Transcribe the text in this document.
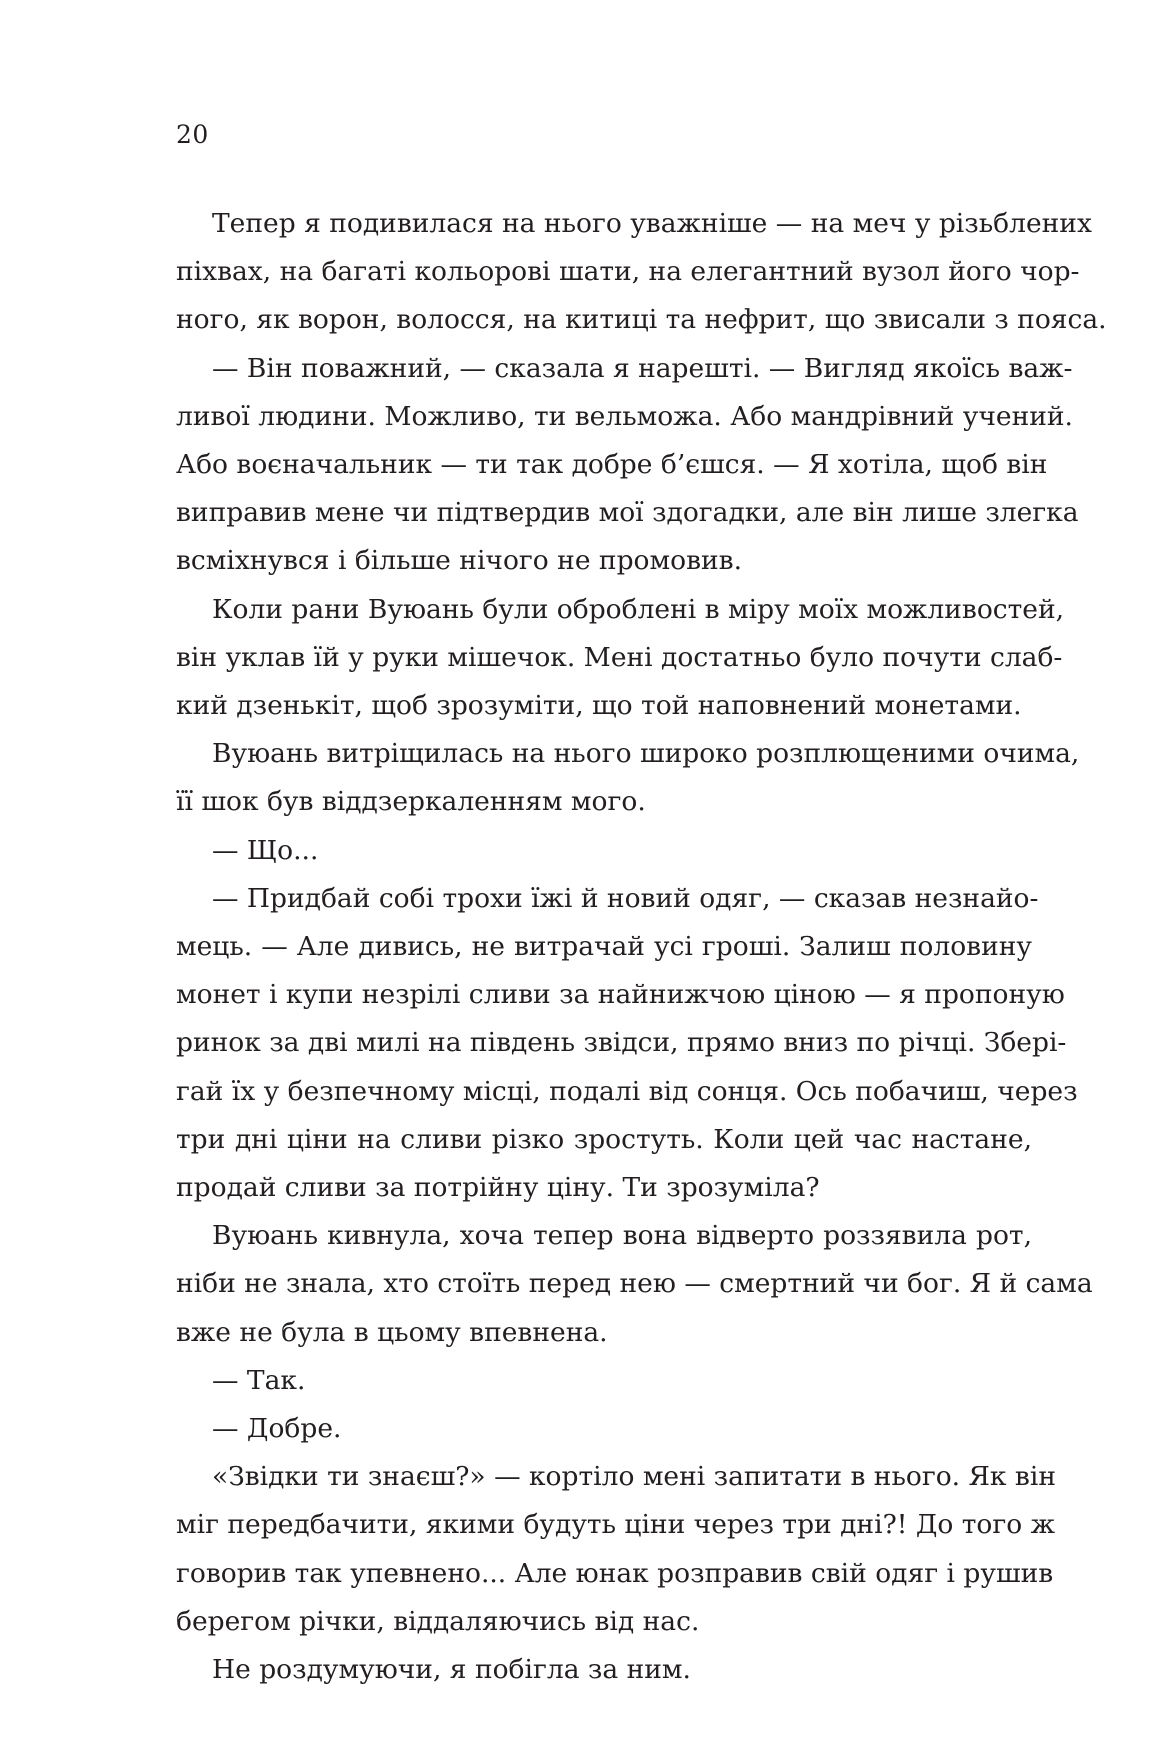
20
Тепер я подивилася на нього уважніше — на меч у різьблених
піхвах, на багаті кольорові шати, на елегантний вузол його чор-
ного, як ворон, волосся, на китиці та нефрит, що звисали з пояса.
— Він поважний, — сказала я нарешті. — Вигляд якоїсь важ-
ливої людини. Можливо, ти вельможа. Або мандрівний учений.
Або воєначальник — ти так добре б’єшся. — Я хотіла, щоб він
виправив мене чи підтвердив мої здогадки, але він лише злегка
всміхнувся і більше нічого не промовив.
Коли рани Вуюань були оброблені в міру моїх можливостей,
він уклав їй у руки мішечок. Мені достатньо було почути слаб-
кий дзенькіт, щоб зрозуміти, що той наповнений монетами.
Вуюань витріщилась на нього широко розплющеними очима,
її шок був віддзеркаленням мого.
— Що...
— Придбай собі трохи їжі й новий одяг, — сказав незнайо-
мець. — Але дивись, не витрачай усі гроші. Залиш половину
монет і купи незрілі сливи за найнижчою ціною — я пропоную
ринок за дві милі на південь звідси, прямо вниз по річці. Зберi-
гай їх у безпечному місці, подалі від сонця. Ось побачиш, через
три дні ціни на сливи різко зростуть. Коли цей час настане,
продай сливи за потрійну ціну. Ти зрозуміла?
Вуюань кивнула, хоча тепер вона відверто роззявила рот,
ніби не знала, хто стоїть перед нею — смертний чи бог. Я й сама
вже не була в цьому впевнена.
— Так.
— Добре.
«Звідки ти знаєш?» — кортіло мені запитати в нього. Як він
міг передбачити, якими будуть ціни через три дні?! До того ж
говорив так упевнено... Але юнак розправив свій одяг і рушив
берегом річки, віддаляючись від нас.
Не роздумуючи, я побігла за ним.
